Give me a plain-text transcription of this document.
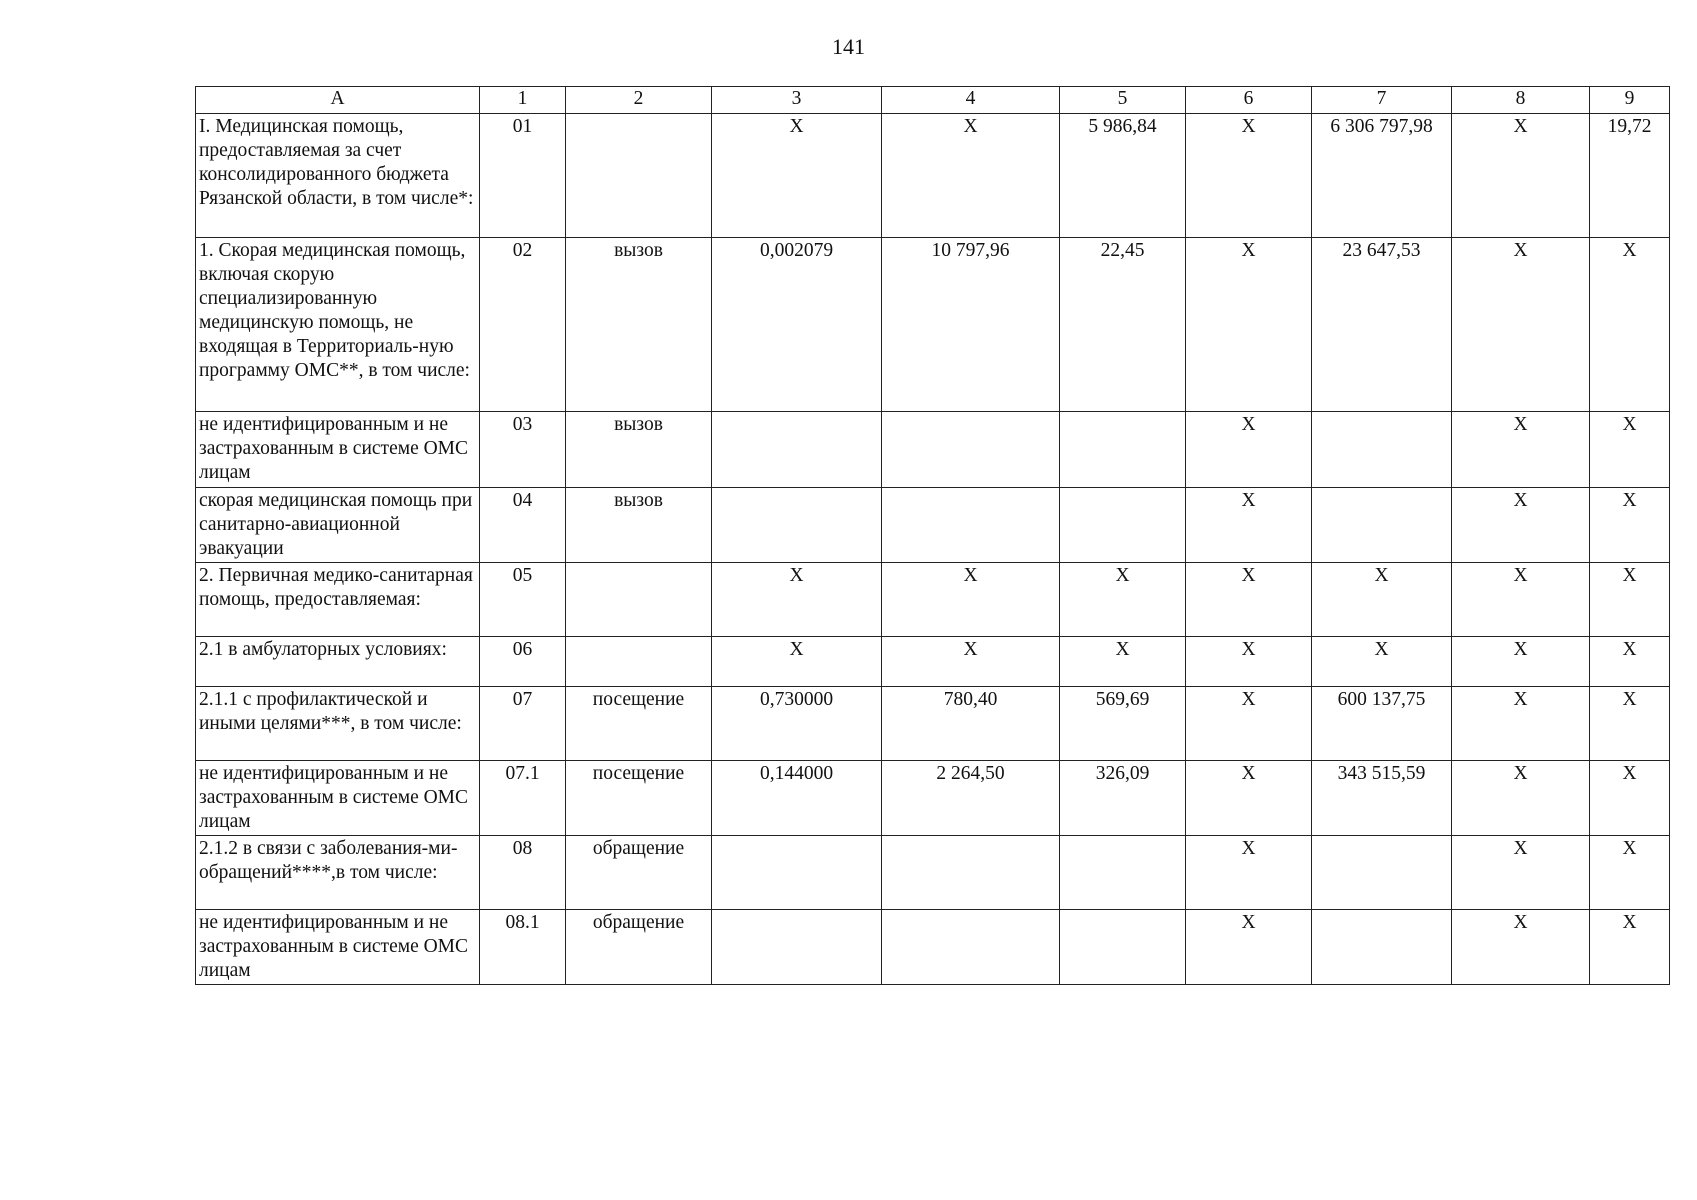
141
А	1	2	3	4	5	6	7	8	9
I. Медицинская помощь, предоставляемая за счет консолидированного бюджета Рязанской области, в том числе*:	01		Х	Х	5 986,84	Х	6 306 797,98	Х	19,72
1. Скорая медицинская помощь, включая скорую специализированную медицинскую помощь, не входящая в Территориаль-ную программу ОМС**, в том числе:	02	вызов	0,002079	10 797,96	22,45	Х	23 647,53	Х	Х
не идентифицированным и не застрахованным в системе ОМС лицам	03	вызов				Х		Х	Х
скорая медицинская помощь при санитарно-авиационной эвакуации	04	вызов				Х		Х	Х
2. Первичная медико-санитарная помощь, предоставляемая:	05		Х	Х	Х	Х	Х	Х	Х
2.1 в амбулаторных условиях:	06		Х	Х	Х	Х	Х	Х	Х
2.1.1 с профилактической и иными целями***, в том числе:	07	посещение	0,730000	780,40	569,69	Х	600 137,75	Х	Х
не идентифицированным и не застрахованным в системе ОМС лицам	07.1	посещение	0,144000	2 264,50	326,09	Х	343 515,59	Х	Х
2.1.2 в связи с заболевания-ми-обращений****,в том числе:	08	обращение				Х		Х	Х
не идентифицированным и не застрахованным в системе ОМС лицам	08.1	обращение				Х		Х	Х
